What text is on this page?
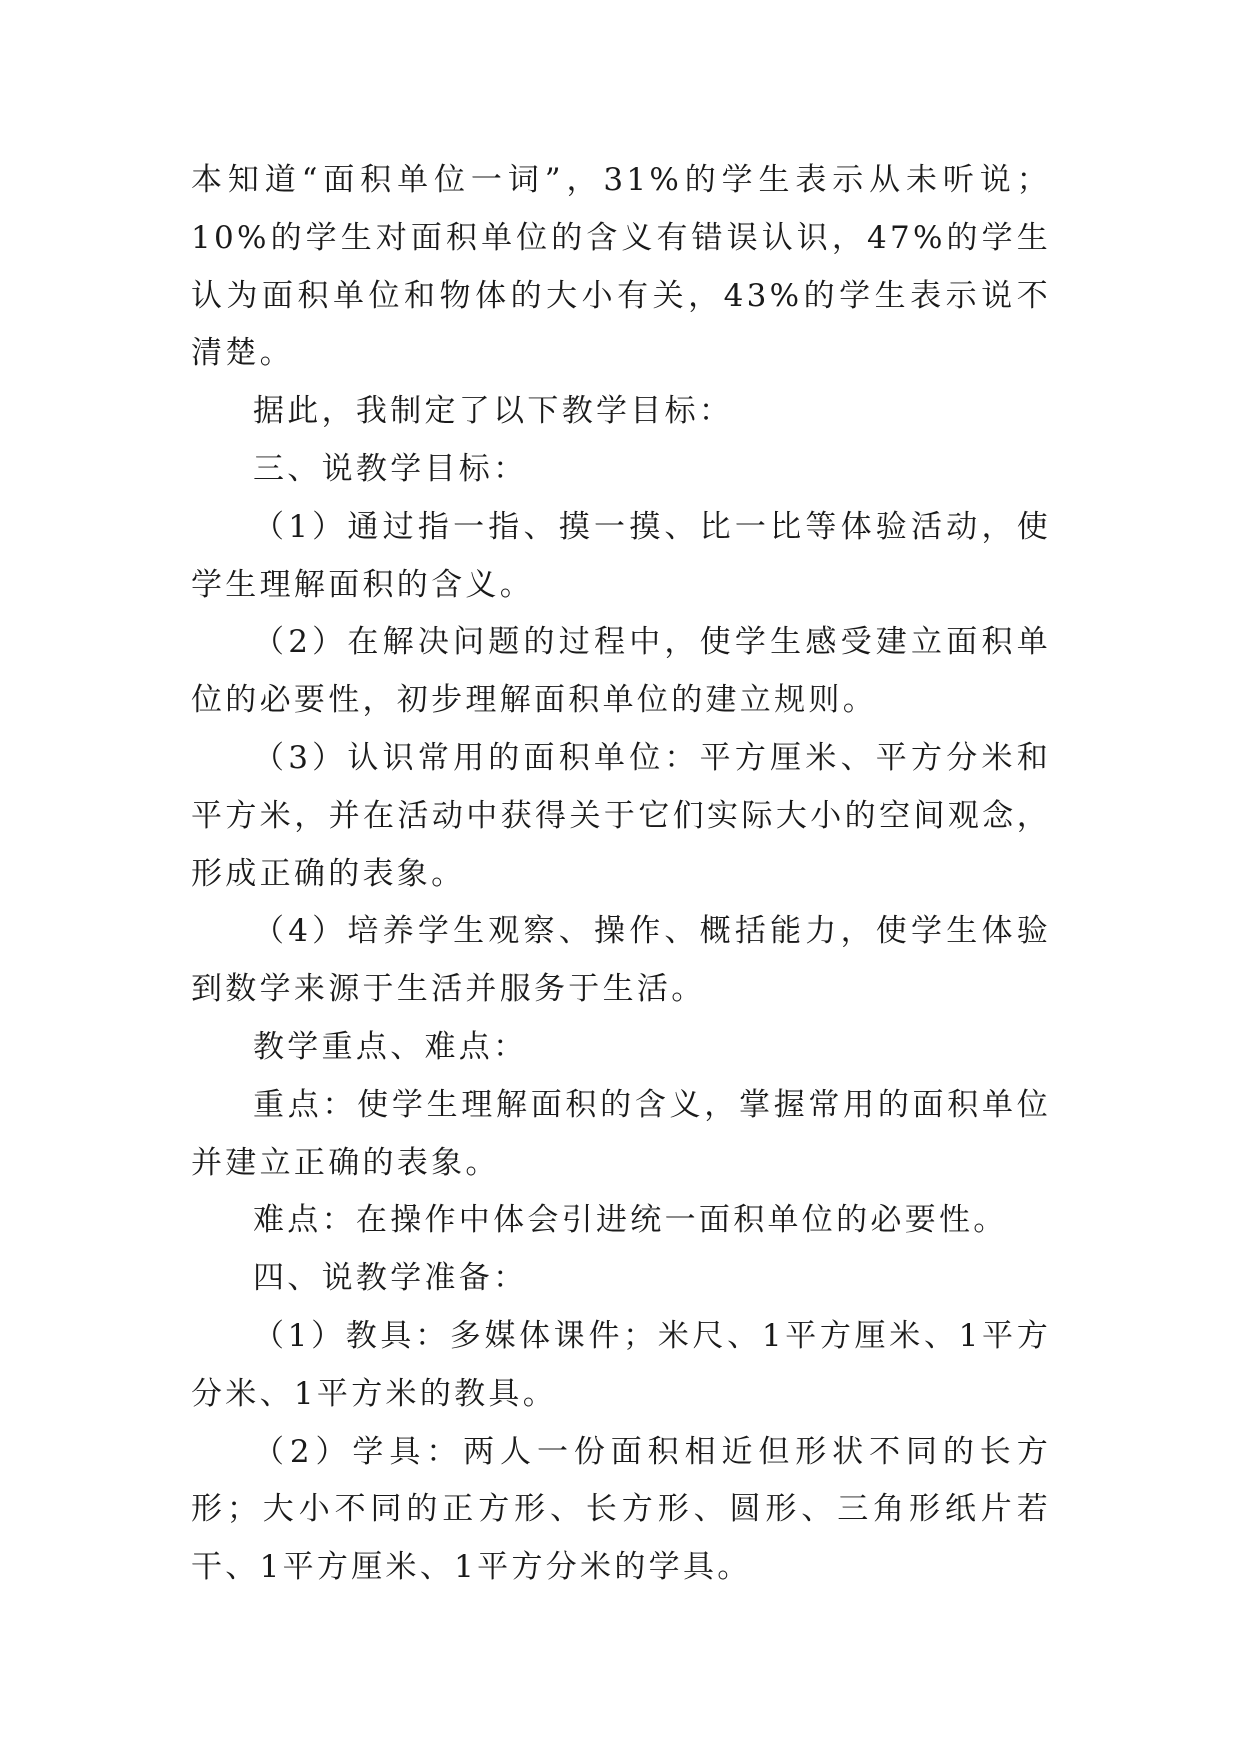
本知道“面积单位一词”，31%的学生表示从未听说；10%的学生对面积单位的含义有错误认识，47%的学生认为面积单位和物体的大小有关，43%的学生表示说不清楚。

据此，我制定了以下教学目标：

三、说教学目标：

（1）通过指一指、摸一摸、比一比等体验活动，使学生理解面积的含义。

（2）在解决问题的过程中，使学生感受建立面积单位的必要性，初步理解面积单位的建立规则。

（3）认识常用的面积单位：平方厘米、平方分米和平方米，并在活动中获得关于它们实际大小的空间观念，形成正确的表象。

（4）培养学生观察、操作、概括能力，使学生体验到数学来源于生活并服务于生活。

教学重点、难点：

重点：使学生理解面积的含义，掌握常用的面积单位并建立正确的表象。

难点：在操作中体会引进统一面积单位的必要性。

四、说教学准备：

（1）教具：多媒体课件；米尺、1平方厘米、1平方分米、1平方米的教具。

（2）学具：两人一份面积相近但形状不同的长方形；大小不同的正方形、长方形、圆形、三角形纸片若干、1平方厘米、1平方分米的学具。
